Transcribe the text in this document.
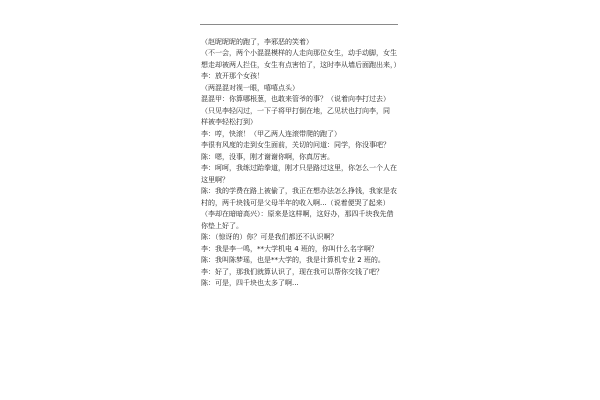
（赵昵昵昵的跑了，李邪恶的笑着）
（不一会，两个小混混模样的人走向那位女生，动手动脚，女生
想走却被两人拦住，女生有点害怕了，这时李从墙后面跑出来，）
李：放开那个女孩！
（两混混对视一眼，嘻嘻点头）
混混甲：你算哪根葱，也敢来管爷的事？（说着向李打过去）
（只见李轻闪过，一下子将甲打倒在地，乙见状也打向李，同
样被李轻松打到）
李：哼，快滚！（甲乙两人连滚带爬的跑了）
李很有风度的走到女生面前，关切的问道：同学，你没事吧？
陈：嗯，没事，刚才谢谢你啊，你真厉害。
李：呵呵，我练过跆拳道，刚才只是路过这里，你怎么一个人在
这里啊？
陈：我的学费在路上被偷了，我正在想办法怎么挣钱，我家是农
村的，两千块钱可是父母半年的收入啊...（说着便哭了起来）
（李却在暗暗高兴）：原来是这样啊，这好办，那四千块我先借
你垫上好了。
陈：（惊讶的）你？可是我们都还不认识啊？
李：我是李一鸣，**大学机电 4 班的，你叫什么名字啊？
陈：我叫陈梦瑶，也是**大学的，我是计算机专业 2 班的。
李：好了，那我们就算认识了，现在我可以帮你交钱了吧？
陈：可是，四千块也太多了啊...
